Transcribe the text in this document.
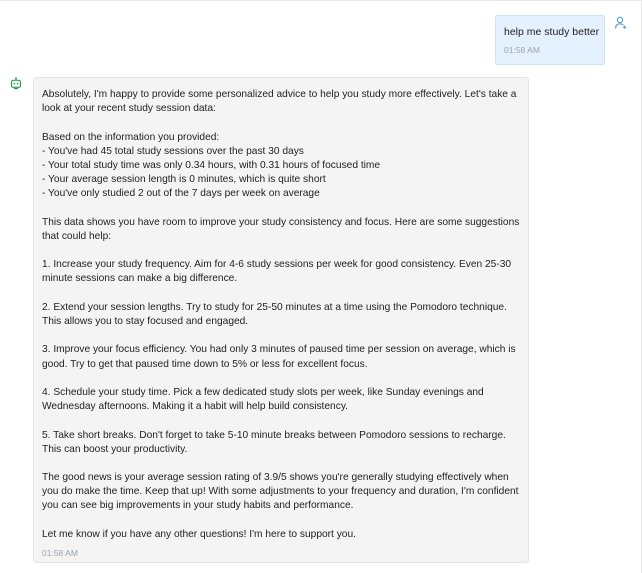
help me study better
01:58 AM
Absolutely, I'm happy to provide some personalized advice to help you study more effectively. Let's take a
look at your recent study session data:
Based on the information you provided:
- You've had 45 total study sessions over the past 30 days
- Your total study time was only 0.34 hours, with 0.31 hours of focused time
- Your average session length is 0 minutes, which is quite short
- You've only studied 2 out of the 7 days per week on average
This data shows you have room to improve your study consistency and focus. Here are some suggestions
that could help:
1. Increase your study frequency. Aim for 4-6 study sessions per week for good consistency. Even 25-30
minute sessions can make a big difference.
2. Extend your session lengths. Try to study for 25-50 minutes at a time using the Pomodoro technique.
This allows you to stay focused and engaged.
3. Improve your focus efficiency. You had only 3 minutes of paused time per session on average, which is
good. Try to get that paused time down to 5% or less for excellent focus.
4. Schedule your study time. Pick a few dedicated study slots per week, like Sunday evenings and
Wednesday afternoons. Making it a habit will help build consistency.
5. Take short breaks. Don't forget to take 5-10 minute breaks between Pomodoro sessions to recharge.
This can boost your productivity.
The good news is your average session rating of 3.9/5 shows you're generally studying effectively when
you do make the time. Keep that up! With some adjustments to your frequency and duration, I'm confident
you can see big improvements in your study habits and performance.
Let me know if you have any other questions! I'm here to support you.
01:58 AM
